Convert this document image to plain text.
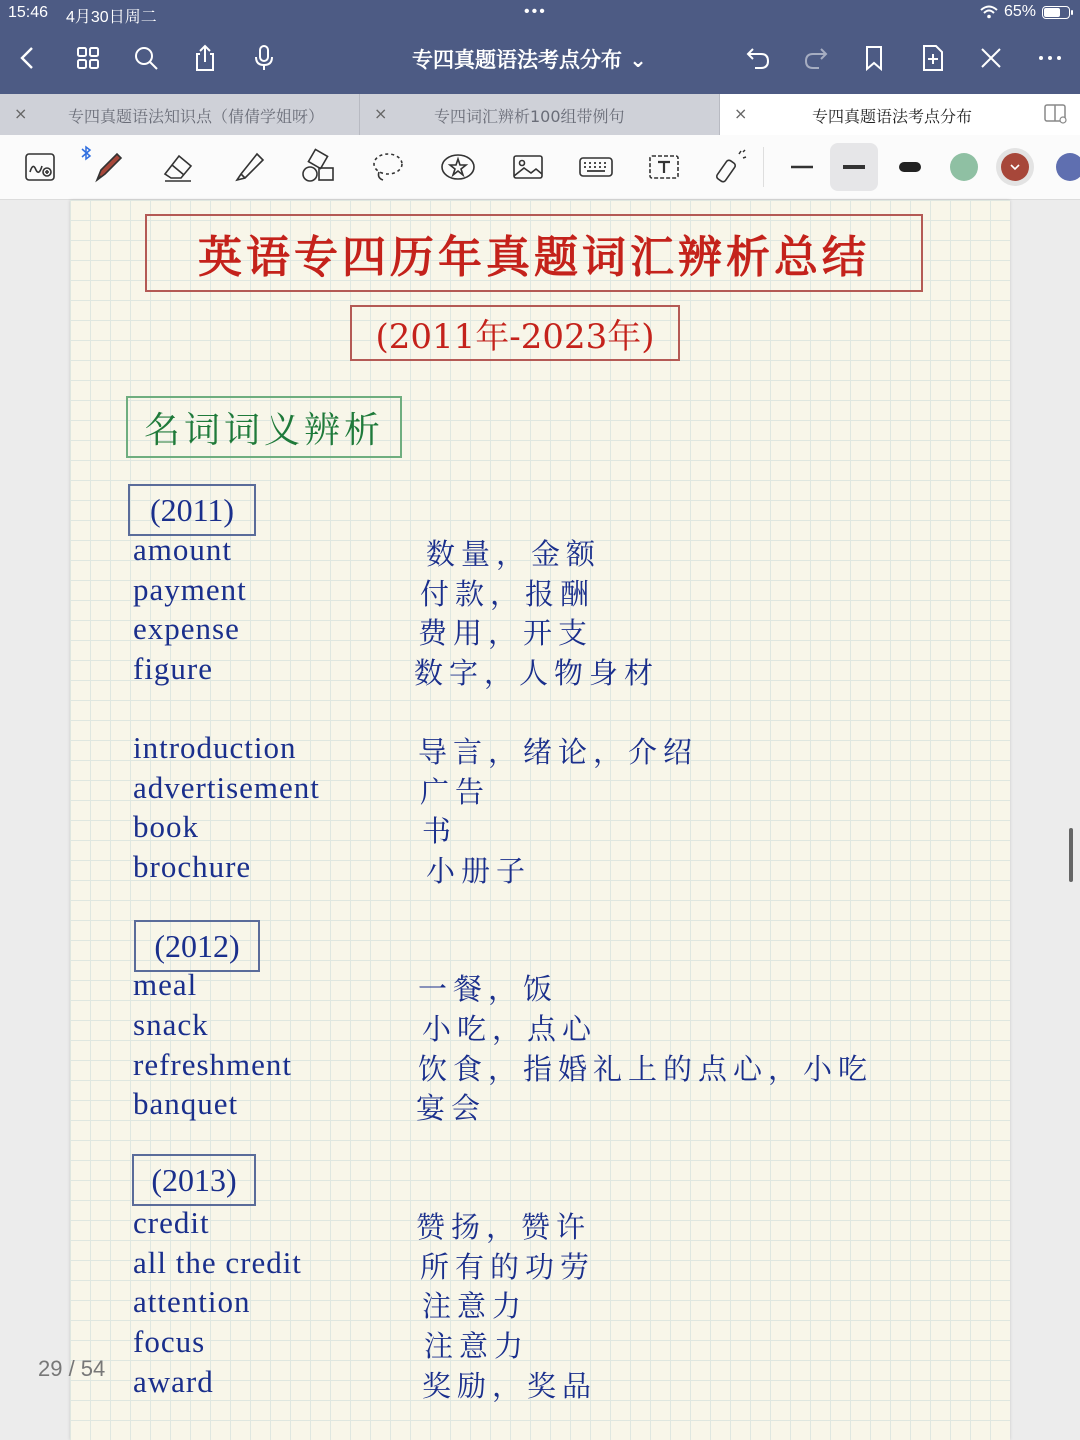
15:46 4月30日周二	•••	65%
专四真题语法考点分布 ⌄
×	专四真题语法知识点（倩倩学姐呀）	×	专四词汇辨析100组带例句	×	专四真题语法考点分布
英语专四历年真题词汇辨析总结
(2011年-2023年)
名词词义辨析
(2011)
(2012)
(2013)
amount	数量，金额
payment	付款，报酬
expense	费用，开支
figure	数字，人物身材
introduction	导言，绪论，介绍
advertisement	广告
book	书
brochure	小册子
meal	一餐，饭
snack	小吃，点心
refreshment	饮食，指婚礼上的点心，小吃
banquet	宴会
credit	赞扬，赞许
all the credit	所有的功劳
attention	注意力
focus	注意力
award	奖励，奖品
29 / 54
